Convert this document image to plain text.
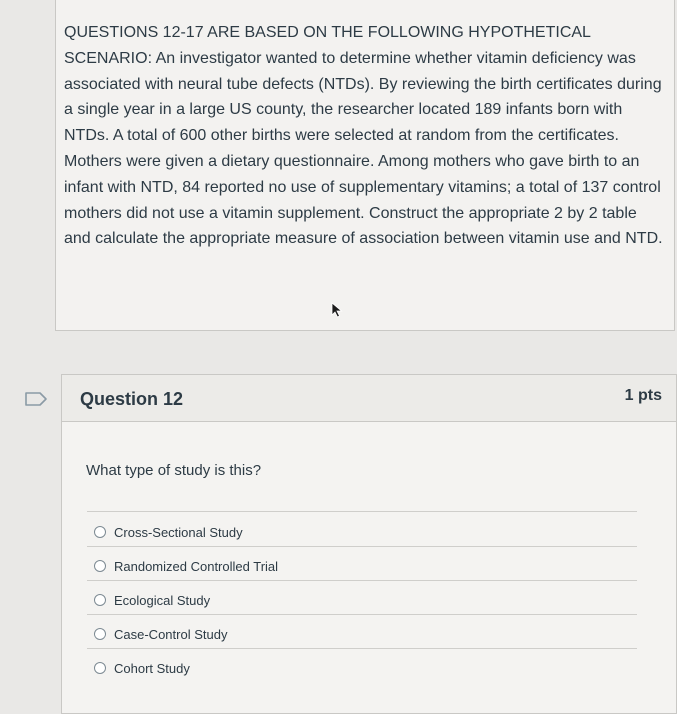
QUESTIONS 12-17 ARE BASED ON THE FOLLOWING HYPOTHETICAL SCENARIO: An investigator wanted to determine whether vitamin deficiency was associated with neural tube defects (NTDs). By reviewing the birth certificates during a single year in a large US county, the researcher located 189 infants born with NTDs. A total of 600 other births were selected at random from the certificates. Mothers were given a dietary questionnaire. Among mothers who gave birth to an infant with NTD, 84 reported no use of supplementary vitamins; a total of 137 control mothers did not use a vitamin supplement. Construct the appropriate 2 by 2 table and calculate the appropriate measure of association between vitamin use and NTD.

Question 12	1 pts
What type of study is this?
Cross-Sectional Study
Randomized Controlled Trial
Ecological Study
Case-Control Study
Cohort Study
